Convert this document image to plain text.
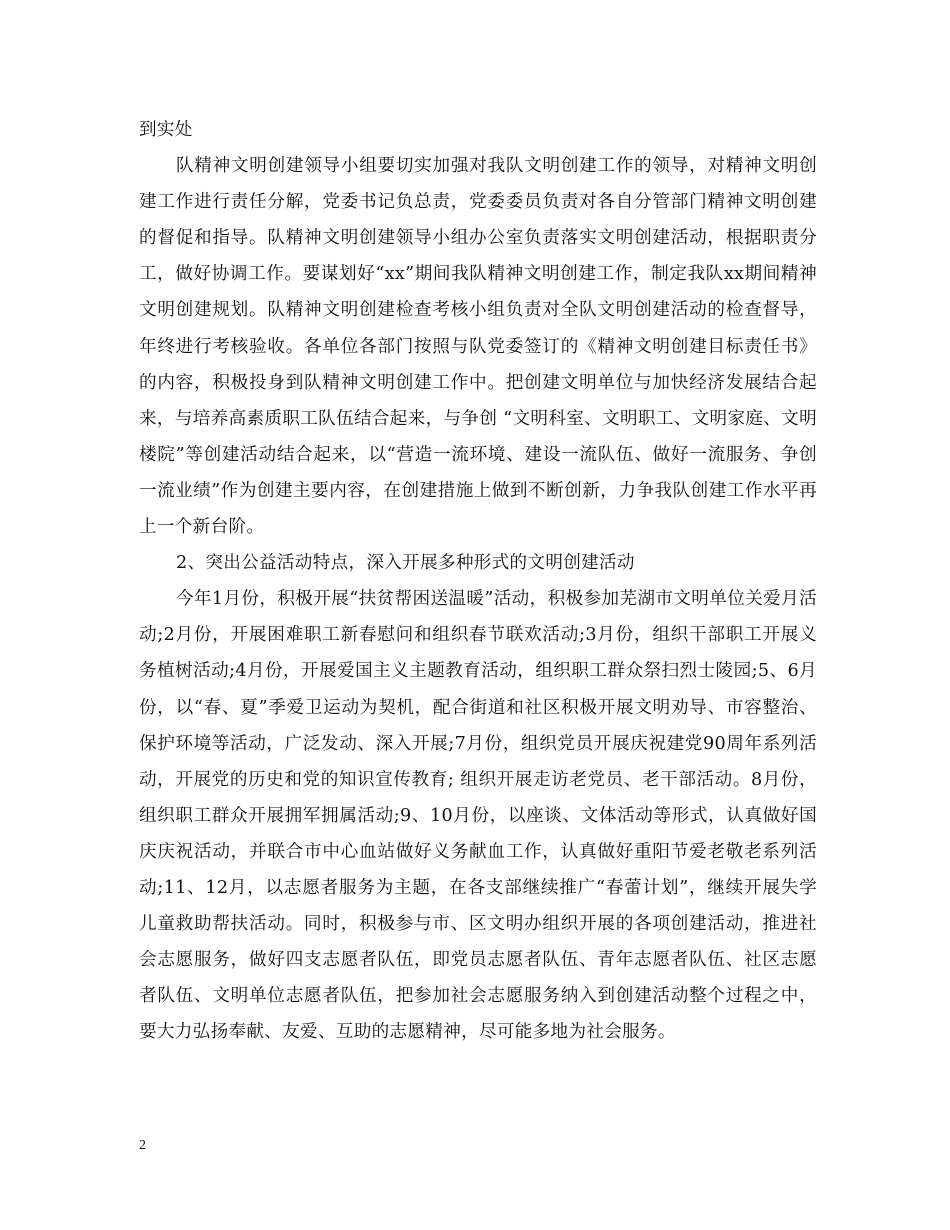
到实处

队精神文明创建领导小组要切实加强对我队文明创建工作的领导，对精神文明创建工作进行责任分解，党委书记负总责，党委委员负责对各自分管部门精神文明创建的督促和指导。队精神文明创建领导小组办公室负责落实文明创建活动，根据职责分工，做好协调工作。要谋划好“xx”期间我队精神文明创建工作，制定我队xx期间精神文明创建规划。队精神文明创建检查考核小组负责对全队文明创建活动的检查督导，年终进行考核验收。各单位各部门按照与队党委签订的《精神文明创建目标责任书》的内容，积极投身到队精神文明创建工作中。把创建文明单位与加快经济发展结合起来，与培养高素质职工队伍结合起来，与争创 “文明科室、文明职工、文明家庭、文明楼院”等创建活动结合起来，以“营造一流环境、建设一流队伍、做好一流服务、争创一流业绩”作为创建主要内容，在创建措施上做到不断创新，力争我队创建工作水平再上一个新台阶。

2、突出公益活动特点，深入开展多种形式的文明创建活动

今年1月份，积极开展“扶贫帮困送温暖”活动，积极参加芜湖市文明单位关爱月活动;2月份，开展困难职工新春慰问和组织春节联欢活动;3月份，组织干部职工开展义务植树活动;4月份，开展爱国主义主题教育活动，组织职工群众祭扫烈士陵园;5、6月份，以“春、夏”季爱卫运动为契机，配合街道和社区积极开展文明劝导、市容整治、保护环境等活动，广泛发动、深入开展;7月份，组织党员开展庆祝建党90周年系列活动，开展党的历史和党的知识宣传教育; 组织开展走访老党员、老干部活动。8月份，组织职工群众开展拥军拥属活动;9、10月份，以座谈、文体活动等形式，认真做好国庆庆祝活动，并联合市中心血站做好义务献血工作，认真做好重阳节爱老敬老系列活动;11、12月，以志愿者服务为主题，在各支部继续推广“春蕾计划”，继续开展失学儿童救助帮扶活动。同时，积极参与市、区文明办组织开展的各项创建活动，推进社会志愿服务，做好四支志愿者队伍，即党员志愿者队伍、青年志愿者队伍、社区志愿者队伍、文明单位志愿者队伍，把参加社会志愿服务纳入到创建活动整个过程之中，要大力弘扬奉献、友爱、互助的志愿精神，尽可能多地为社会服务。

2
